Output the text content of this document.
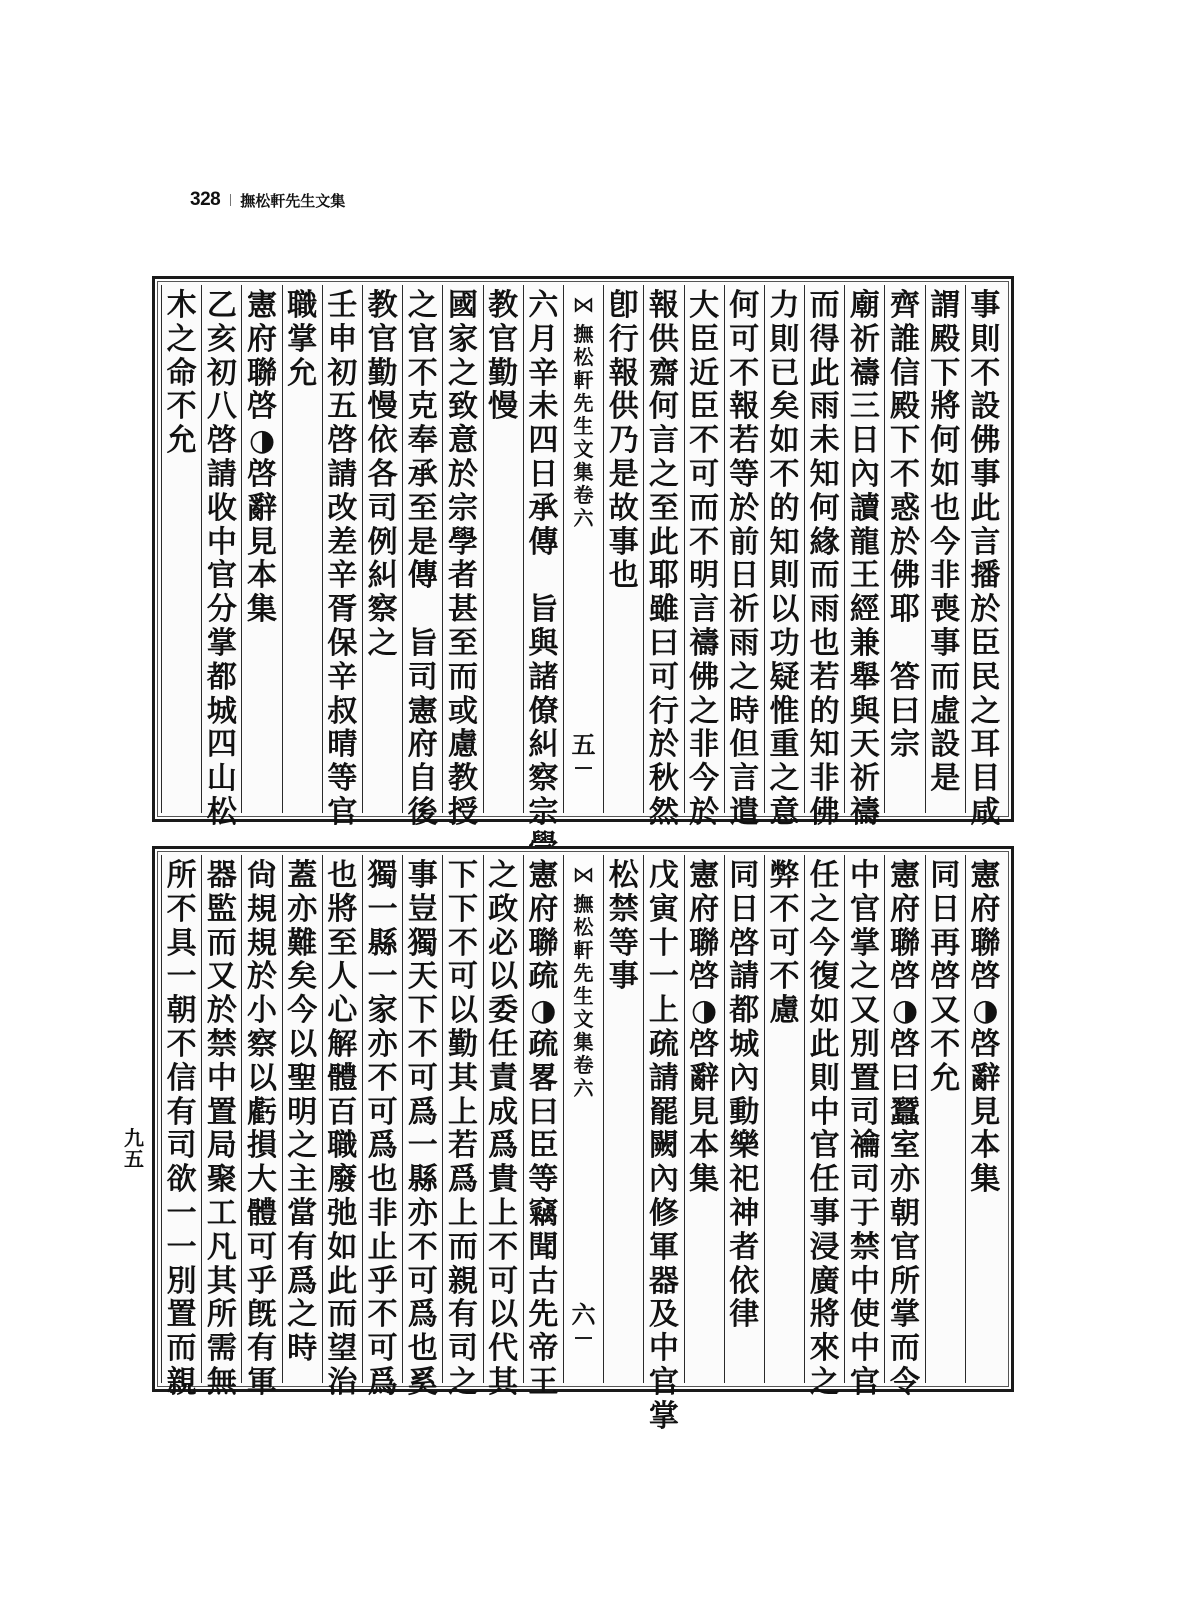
328 撫松軒先生文集
九
五
事
則
不
設
佛
事
此
言
播
於
臣
民
之
耳
目
咸
謂
殿
下
將
何
如
也
今
非
喪
事
而
虛
設
是
齊
誰
信
殿
下
不
惑
於
佛
耶

答
曰
宗
廟
祈
禱
三
日
內
讀
龍
王
經
兼
舉
與
天
祈
禱
而
得
此
雨
未
知
何
緣
而
雨
也
若
的
知
非
佛
力
則
已
矣
如
不
的
知
則
以
功
疑
惟
重
之
意
何
可
不
報
若
等
於
前
日
祈
雨
之
時
但
言
遣
大
臣
近
臣
不
可
而
不
明
言
禱
佛
之
非
今
於
報
供
齋
何
言
之
至
此
耶
雖
曰
可
行
於
秋
然
卽
行
報
供
乃
是
故
事
也
⋈
撫
松
軒
先
生
文
集
卷
六
五
六
月
辛
未
四
日
承
傳

旨
與
諸
僚
糾
察
宗
教
官
勤
慢
國
家
之
致
意
於
宗
學
者
甚
至
而
或
慮
教
授
之
官
不
克
奉
承
至
是
傳

旨
司
憲
府
自
後
教
官
勤
慢
依
各
司
例
糾
察
之
壬
申
初
五
啓
請
改
差
辛
胥
保
辛
叔
晴
等
官
職
掌
允
憲
府
聯
啓
◑
啓
辭
見
本
集
乙
亥
初
八
啓
請
收
中
官
分
掌
都
城
四
山
松
木
之
命
不
允
憲
府
聯
啓
◑
啓
辭
見
本
集
同
日
再
啓
又
不
允
憲
府
聯
啓
◑
啓
曰
蠶
室
亦
朝
官
所
掌
而
令
中
官
掌
之
又
別
置
司
禴
司
于
禁
中
使
中
官
任
之
今
復
如
此
則
中
官
任
事
浸
廣
將
來
之
弊
不
可
不
慮
同
日
啓
請
都
城
內
動
樂
祀
神
者
依
律
憲
府
聯
啓
◑
啓
辭
見
本
集
戊
寅
十
一
上
疏
請
罷
闕
內
修
軍
器
及
中
官
掌
松
禁
等
事
⋈
撫
松
軒
先
生
文
集
卷
六
六
憲
府
聯
疏
◑
疏
畧
曰
臣
等
竊
聞
古
先
帝
王
之
政
必
以
委
任
責
成
爲
貴
上
不
可
以
代
其
下
下
不
可
以
勤
其
上
若
爲
上
而
親
有
司
之
事
豈
獨
天
下
不
可
爲
一
縣
亦
不
可
爲
也
奚
獨
一
縣
一
家
亦
不
可
爲
也
非
止
乎
不
可
爲
也
將
至
人
心
解
體
百
職
廢
弛
如
此
而
望
治
蓋
亦
難
矣
今
以
聖
明
之
主
當
有
爲
之
時
尙
規
規
於
小
察
以
虧
損
大
體
可
乎
旣
有
軍
器
監
而
又
於
禁
中
置
局
聚
工
凡
其
所
需
無
所
不
具
一
朝
不
信
有
司
欲
一
一
別
置
而
親
